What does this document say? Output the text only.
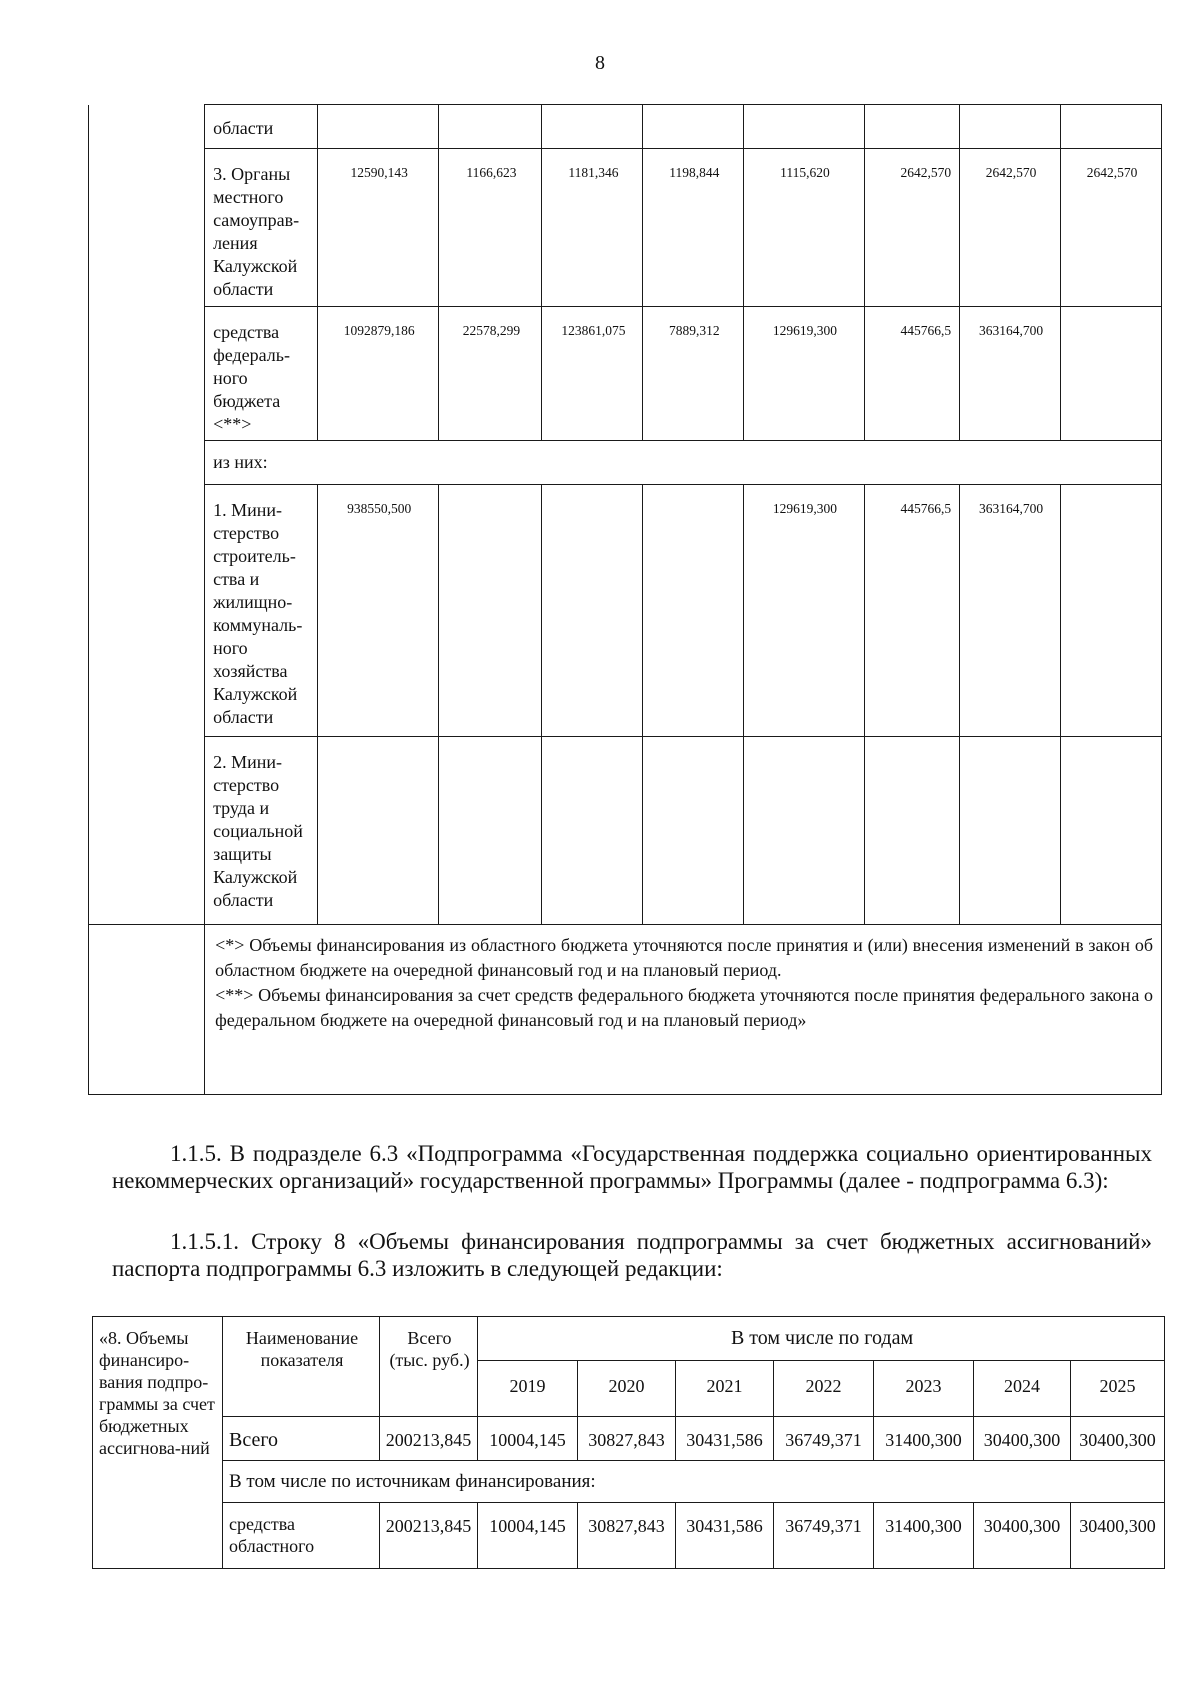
8
	области								
	3. Органы местного самоуправ-ления Калужской области	12590,143	1166,623	1181,346	1198,844	1115,620	2642,570	2642,570	2642,570
	средства федераль-ного бюджета <**>	1092879,186	22578,299	123861,075	7889,312	129619,300	445766,5	363164,700	
	из них:								
	1. Мини-стерство строитель-ства и жилищно-коммуналь-ного хозяйства Калужской области	938550,500				129619,300	445766,5	363164,700	
	2. Мини-стерство труда и социальной защиты Калужской области								

	<*> Объемы финансирования из областного бюджета уточняются после принятия и (или) внесения изменений в закон об областном бюджете на очередной финансовый год и на плановый период.
<**> Объемы финансирования за счет средств федерального бюджета уточняются после принятия федерального закона о федеральном бюджете на очередной финансовый год и на плановый период»								
1.1.5. В подразделе 6.3 «Подпрограмма «Государственная поддержка социально ориентированных некоммерческих организаций» государственной программы» Программы (далее - подпрограмма 6.3):
1.1.5.1. Строку 8 «Объемы финансирования подпрограммы за счет бюджетных ассигнований» паспорта подпрограммы 6.3 изложить в следующей редакции:
«8. Объемы финансиро-вания подпро-граммы за счет бюджетных ассигнова-ний	Наименование показателя	Всего (тыс. руб.)	В том числе по годам						
			2019	2020	2021	2022	2023	2024	2025
	Всего	200213,845	10004,145	30827,843	30431,586	36749,371	31400,300	30400,300	30400,300
	В том числе по источникам финансирования:								
	средства областного	200213,845	10004,145	30827,843	30431,586	36749,371	31400,300	30400,300	30400,300
